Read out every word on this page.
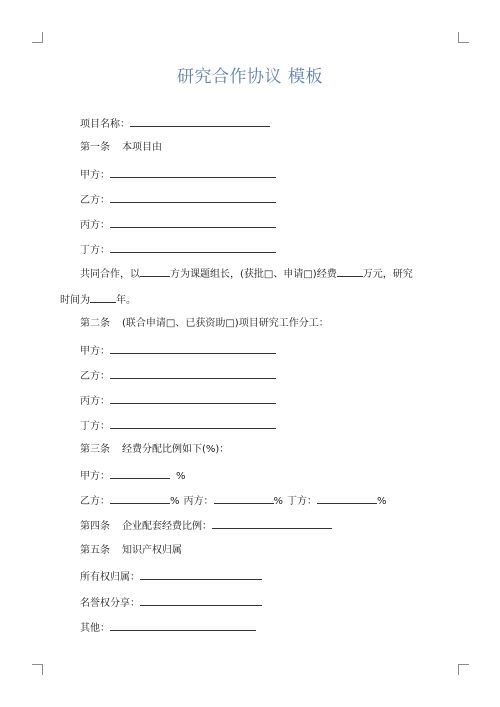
研究合作协议 模板
项目名称：
第一条 本项目由
甲方：
乙方：
丙方：
丁方：
共同合作，以	方为课题组长，(获批□、申请□)经费	万元，研究
时间为	年。
第二条 (联合申请□、已获资助□)项目研究工作分工：
甲方：
乙方：
丙方：
丁方：
第三条 经费分配比例如下(%)：
甲方：	%
乙方：	% 丙方：	% 丁方：	%
第四条 企业配套经费比例：
第五条 知识产权归属
所有权归属：
名誉权分享：
其他：
